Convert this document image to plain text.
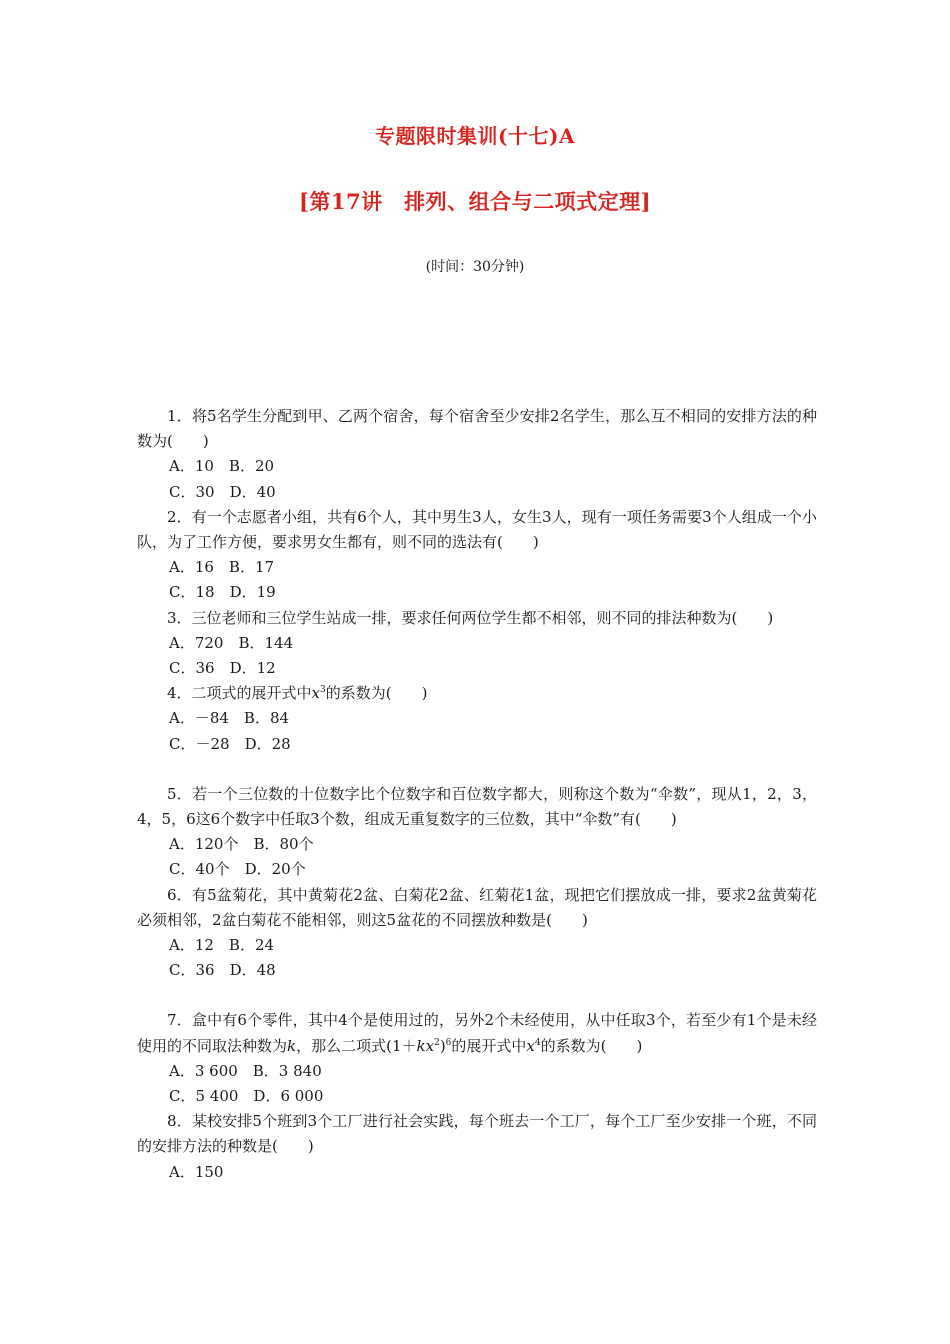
专题限时集训(十七)A
[第17讲　排列、组合与二项式定理]

(时间：30分钟)

1．将5名学生分配到甲、乙两个宿舍，每个宿舍至少安排2名学生，那么互不相同的安排方法的种数为(　　)

A．10　B．20

C．30　D．40

2．有一个志愿者小组，共有6个人，其中男生3人，女生3人，现有一项任务需要3个人组成一个小队，为了工作方便，要求男女生都有，则不同的选法有(　　)

A．16　B．17

C．18　D．19

3．三位老师和三位学生站成一排，要求任何两位学生都不相邻，则不同的排法种数为(　　)

A．720　B．144

C．36　D．12

4．二项式的展开式中$x^3$的系数为(　　)

A．－84　B．84

C．－28　D．28

5．若一个三位数的十位数字比个位数字和百位数字都大，则称这个数为“伞数”，现从1，2，3，4，5，6这6个数字中任取3个数，组成无重复数字的三位数，其中“伞数”有(　　)

A．120个　B．80个

C．40个　D．20个

6．有5盆菊花，其中黄菊花2盆、白菊花2盆、红菊花1盆，现把它们摆放成一排，要求2盆黄菊花必须相邻，2盆白菊花不能相邻，则这5盆花的不同摆放种数是(　　)

A．12　B．24

C．36　D．48

7．盒中有6个零件，其中4个是使用过的，另外2个未经使用，从中任取3个，若至少有1个是未经使用的不同取法种数为k，那么二项式$(1+kx^2)^6$的展开式中$x^4$的系数为(　　)

A．3 600　B．3 840

C．5 400　D．6 000

8．某校安排5个班到3个工厂进行社会实践，每个班去一个工厂，每个工厂至少安排一个班，不同的安排方法的种数是(　　)

A．150
